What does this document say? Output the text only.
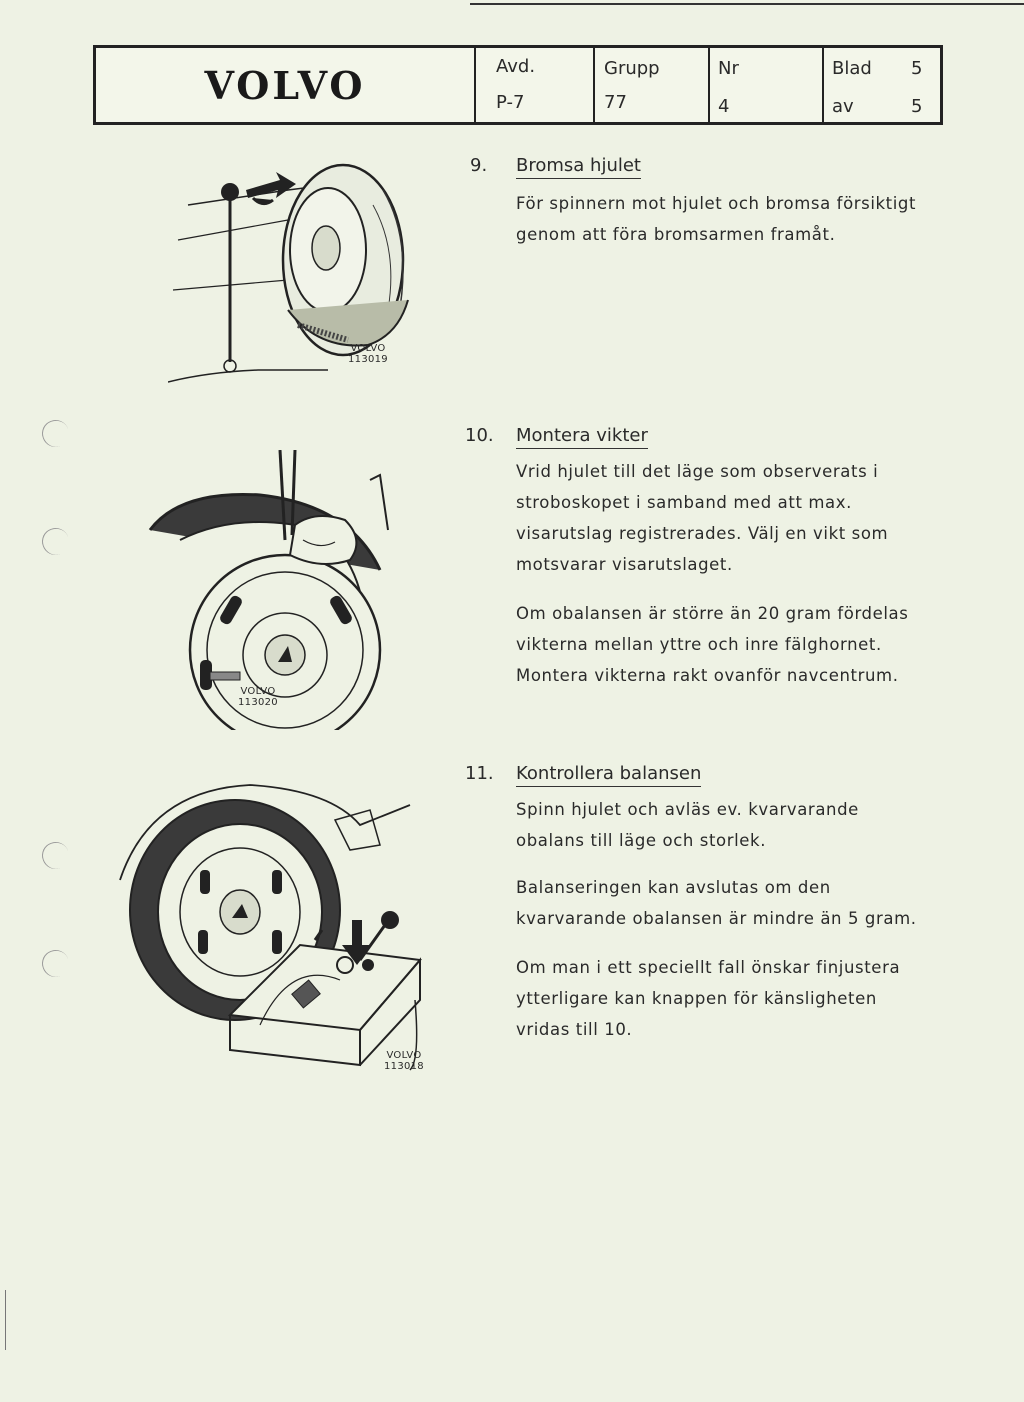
VOLVO	Avd.
P-7
Grupp
77
Nr
4
Blad 5
av	5
VOLVO
113019
9. Bromsa hjulet
För spinnern mot hjulet och bromsa försiktigt genom att föra bromsarmen framåt.
VOLVO
113020
10. Montera vikter
Vrid hjulet till det läge som observerats i stroboskopet i samband med att max. visarutslag registrerades. Välj en vikt som motsvarar visarutslaget.
Om obalansen är större än 20 gram fördelas vikterna mellan yttre och inre fälghornet. Montera vikterna rakt ovanför navcentrum.
VOLVO
113018
11. Kontrollera balansen
Spinn hjulet och avläs ev. kvarvarande obalans till läge och storlek.
Balanseringen kan avslutas om den kvarvarande obalansen är mindre än 5 gram.
Om man i ett speciellt fall önskar finjustera ytterligare kan knappen för känsligheten vridas till 10.
